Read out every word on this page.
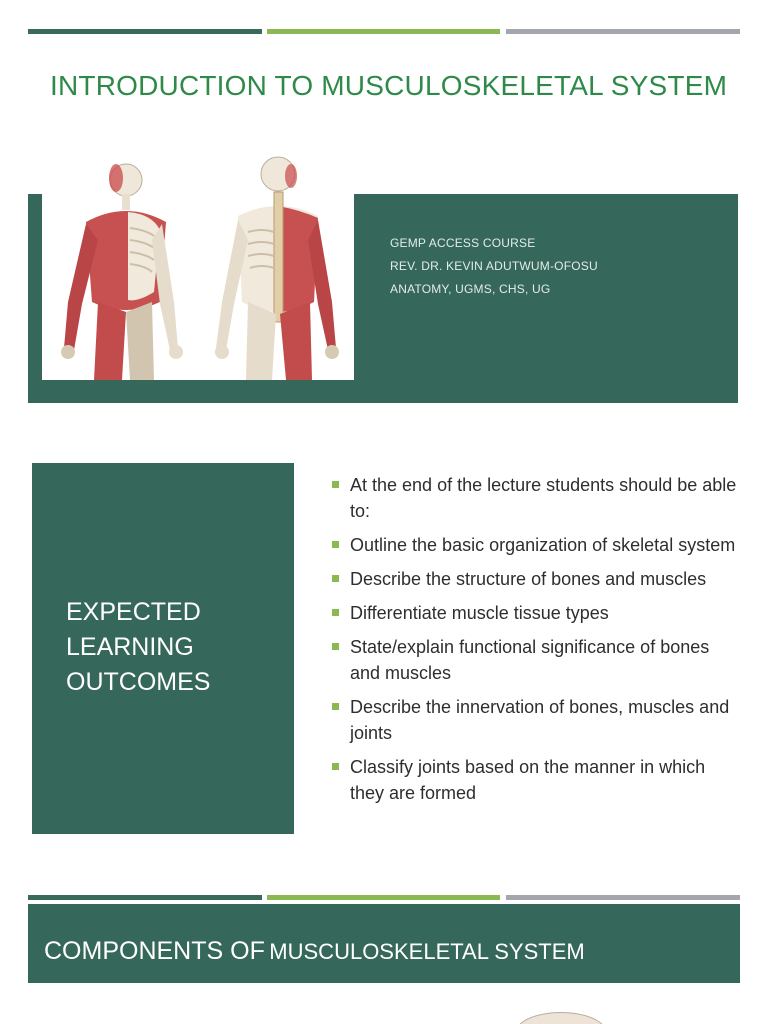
INTRODUCTION TO MUSCULOSKELETAL SYSTEM
GEMP ACCESS COURSE
REV. DR. KEVIN ADUTWUM-OFOSU
ANATOMY, UGMS, CHS, UG
EXPECTED
LEARNING
OUTCOMES
At the end of the lecture students should be able to:
Outline the basic organization of skeletal system
Describe the structure of bones and muscles
Differentiate muscle tissue types
State/explain functional significance of bones and muscles
Describe the innervation of bones, muscles and joints
Classify joints based on the manner in which they are formed
COMPONENTS OF MUSCULOSKELETAL SYSTEM
